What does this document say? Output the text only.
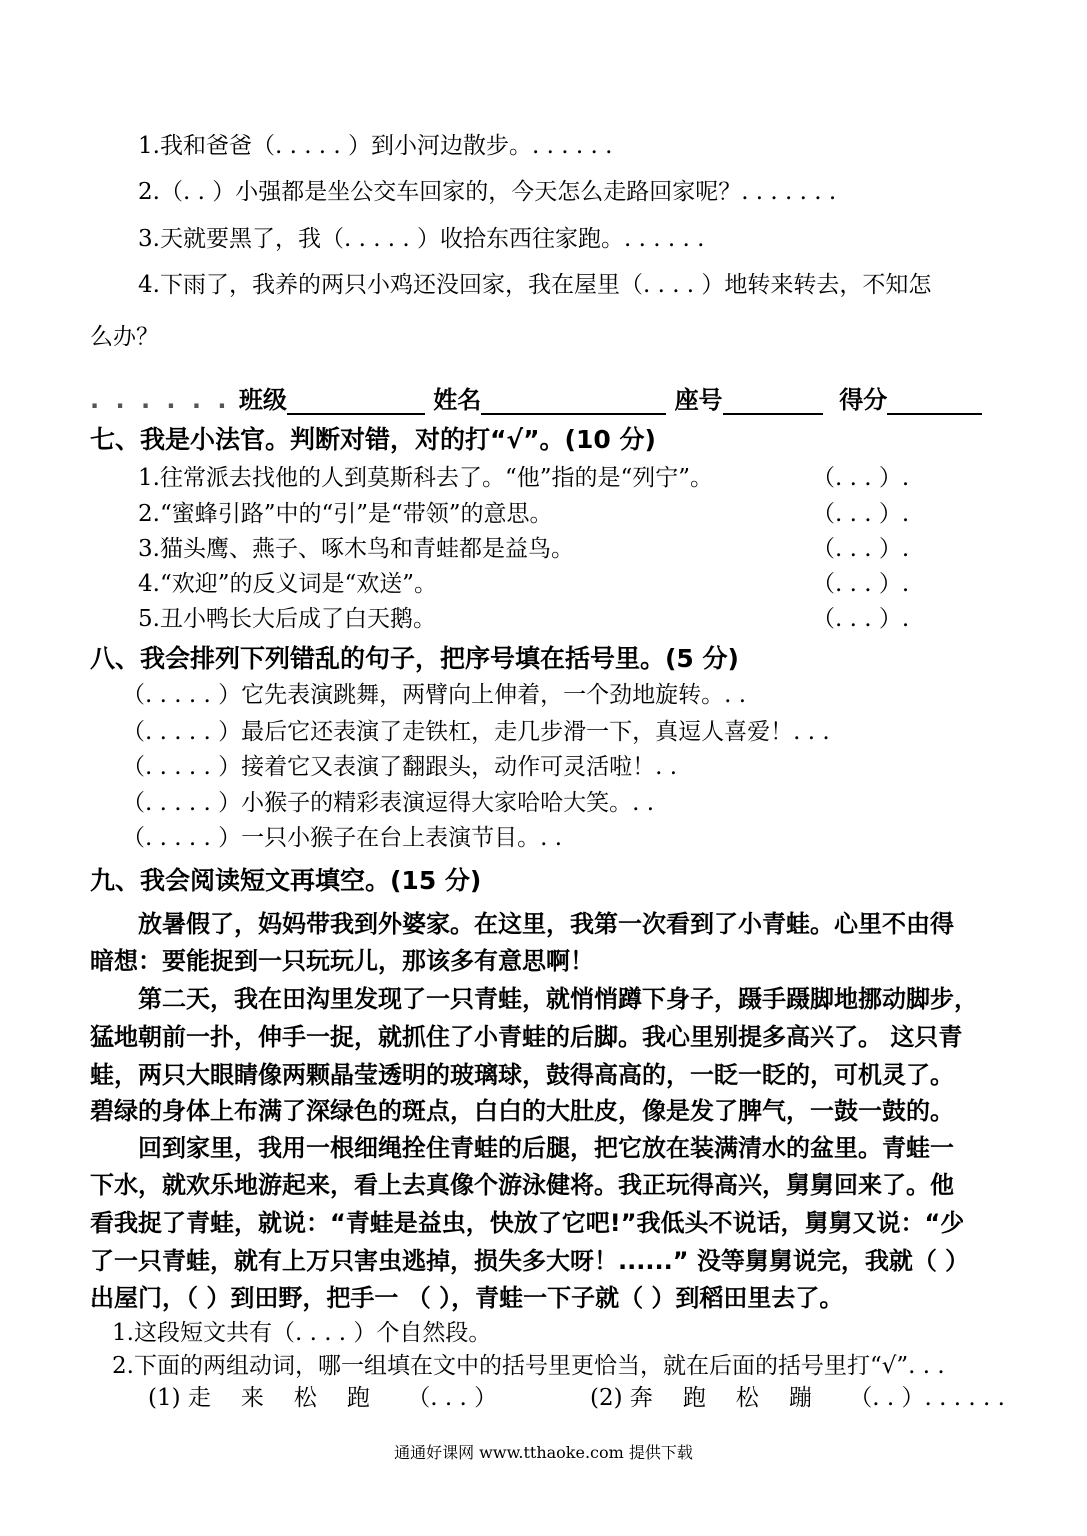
1.我和爸爸（. . . . . ）到小河边散步。. . . . . .
2.（. . ）小强都是坐公交车回家的，今天怎么走路回家呢？. . . . . . .
3.天就要黑了，我（. . . . . ）收拾东西往家跑。. . . . . .
4.下雨了，我养的两只小鸡还没回家，我在屋里（. . . . ）地转来转去，不知怎
么办？
. . . . . . 班级	姓名	座号	得分
七、我是小法官。判断对错，对的打“√”。(10 分)
1.往常派去找他的人到莫斯科去了。“他”指的是“列宁”。	（. . . ）.
2.“蜜蜂引路”中的“引”是“带领”的意思。	（. . . ）.
3.猫头鹰、燕子、啄木鸟和青蛙都是益鸟。	（. . . ）.
4.“欢迎”的反义词是“欢送”。	（. . . ）.
5.丑小鸭长大后成了白天鹅。	（. . . ）.
八、我会排列下列错乱的句子，把序号填在括号里。(5 分)
（. . . . . ）它先表演跳舞，两臂向上伸着，一个劲地旋转。. .
（. . . . . ）最后它还表演了走铁杠，走几步滑一下，真逗人喜爱！. . .
（. . . . . ）接着它又表演了翻跟头，动作可灵活啦！. .
（. . . . . ）小猴子的精彩表演逗得大家哈哈大笑。. .
（. . . . . ）一只小猴子在台上表演节目。. .
九、我会阅读短文再填空。(15 分)
放暑假了，妈妈带我到外婆家。在这里，我第一次看到了小青蛙。心里不由得
暗想：要能捉到一只玩玩儿，那该多有意思啊！
第二天，我在田沟里发现了一只青蛙，就悄悄蹲下身子，蹑手蹑脚地挪动脚步，
猛地朝前一扑，伸手一捉，就抓住了小青蛙的后脚。我心里别提多高兴了。 这只青
蛙，两只大眼睛像两颗晶莹透明的玻璃球，鼓得高高的，一眨一眨的，可机灵了。
碧绿的身体上布满了深绿色的斑点，白白的大肚皮，像是发了脾气，一鼓一鼓的。
回到家里，我用一根细绳拴住青蛙的后腿，把它放在装满清水的盆里。青蛙一
下水，就欢乐地游起来，看上去真像个游泳健将。我正玩得高兴，舅舅回来了。他
看我捉了青蛙，就说：“青蛙是益虫，快放了它吧!”我低头不说话，舅舅又说：“少
了一只青蛙，就有上万只害虫逃掉，损失多大呀！......” 没等舅舅说完，我就（ ）
出屋门，（ ）到田野，把手一 （ ），青蛙一下子就（ ）到稻田里去了。
1.这段短文共有（. . . . ）个自然段。
2.下面的两组动词，哪一组填在文中的括号里更恰当，就在后面的括号里打“√”. . .
(1) 走来松跑 （. . . ）	(2) 奔跑松蹦 （. . ）. . . . . .
通通好课网 www.tthaoke.com 提供下载
